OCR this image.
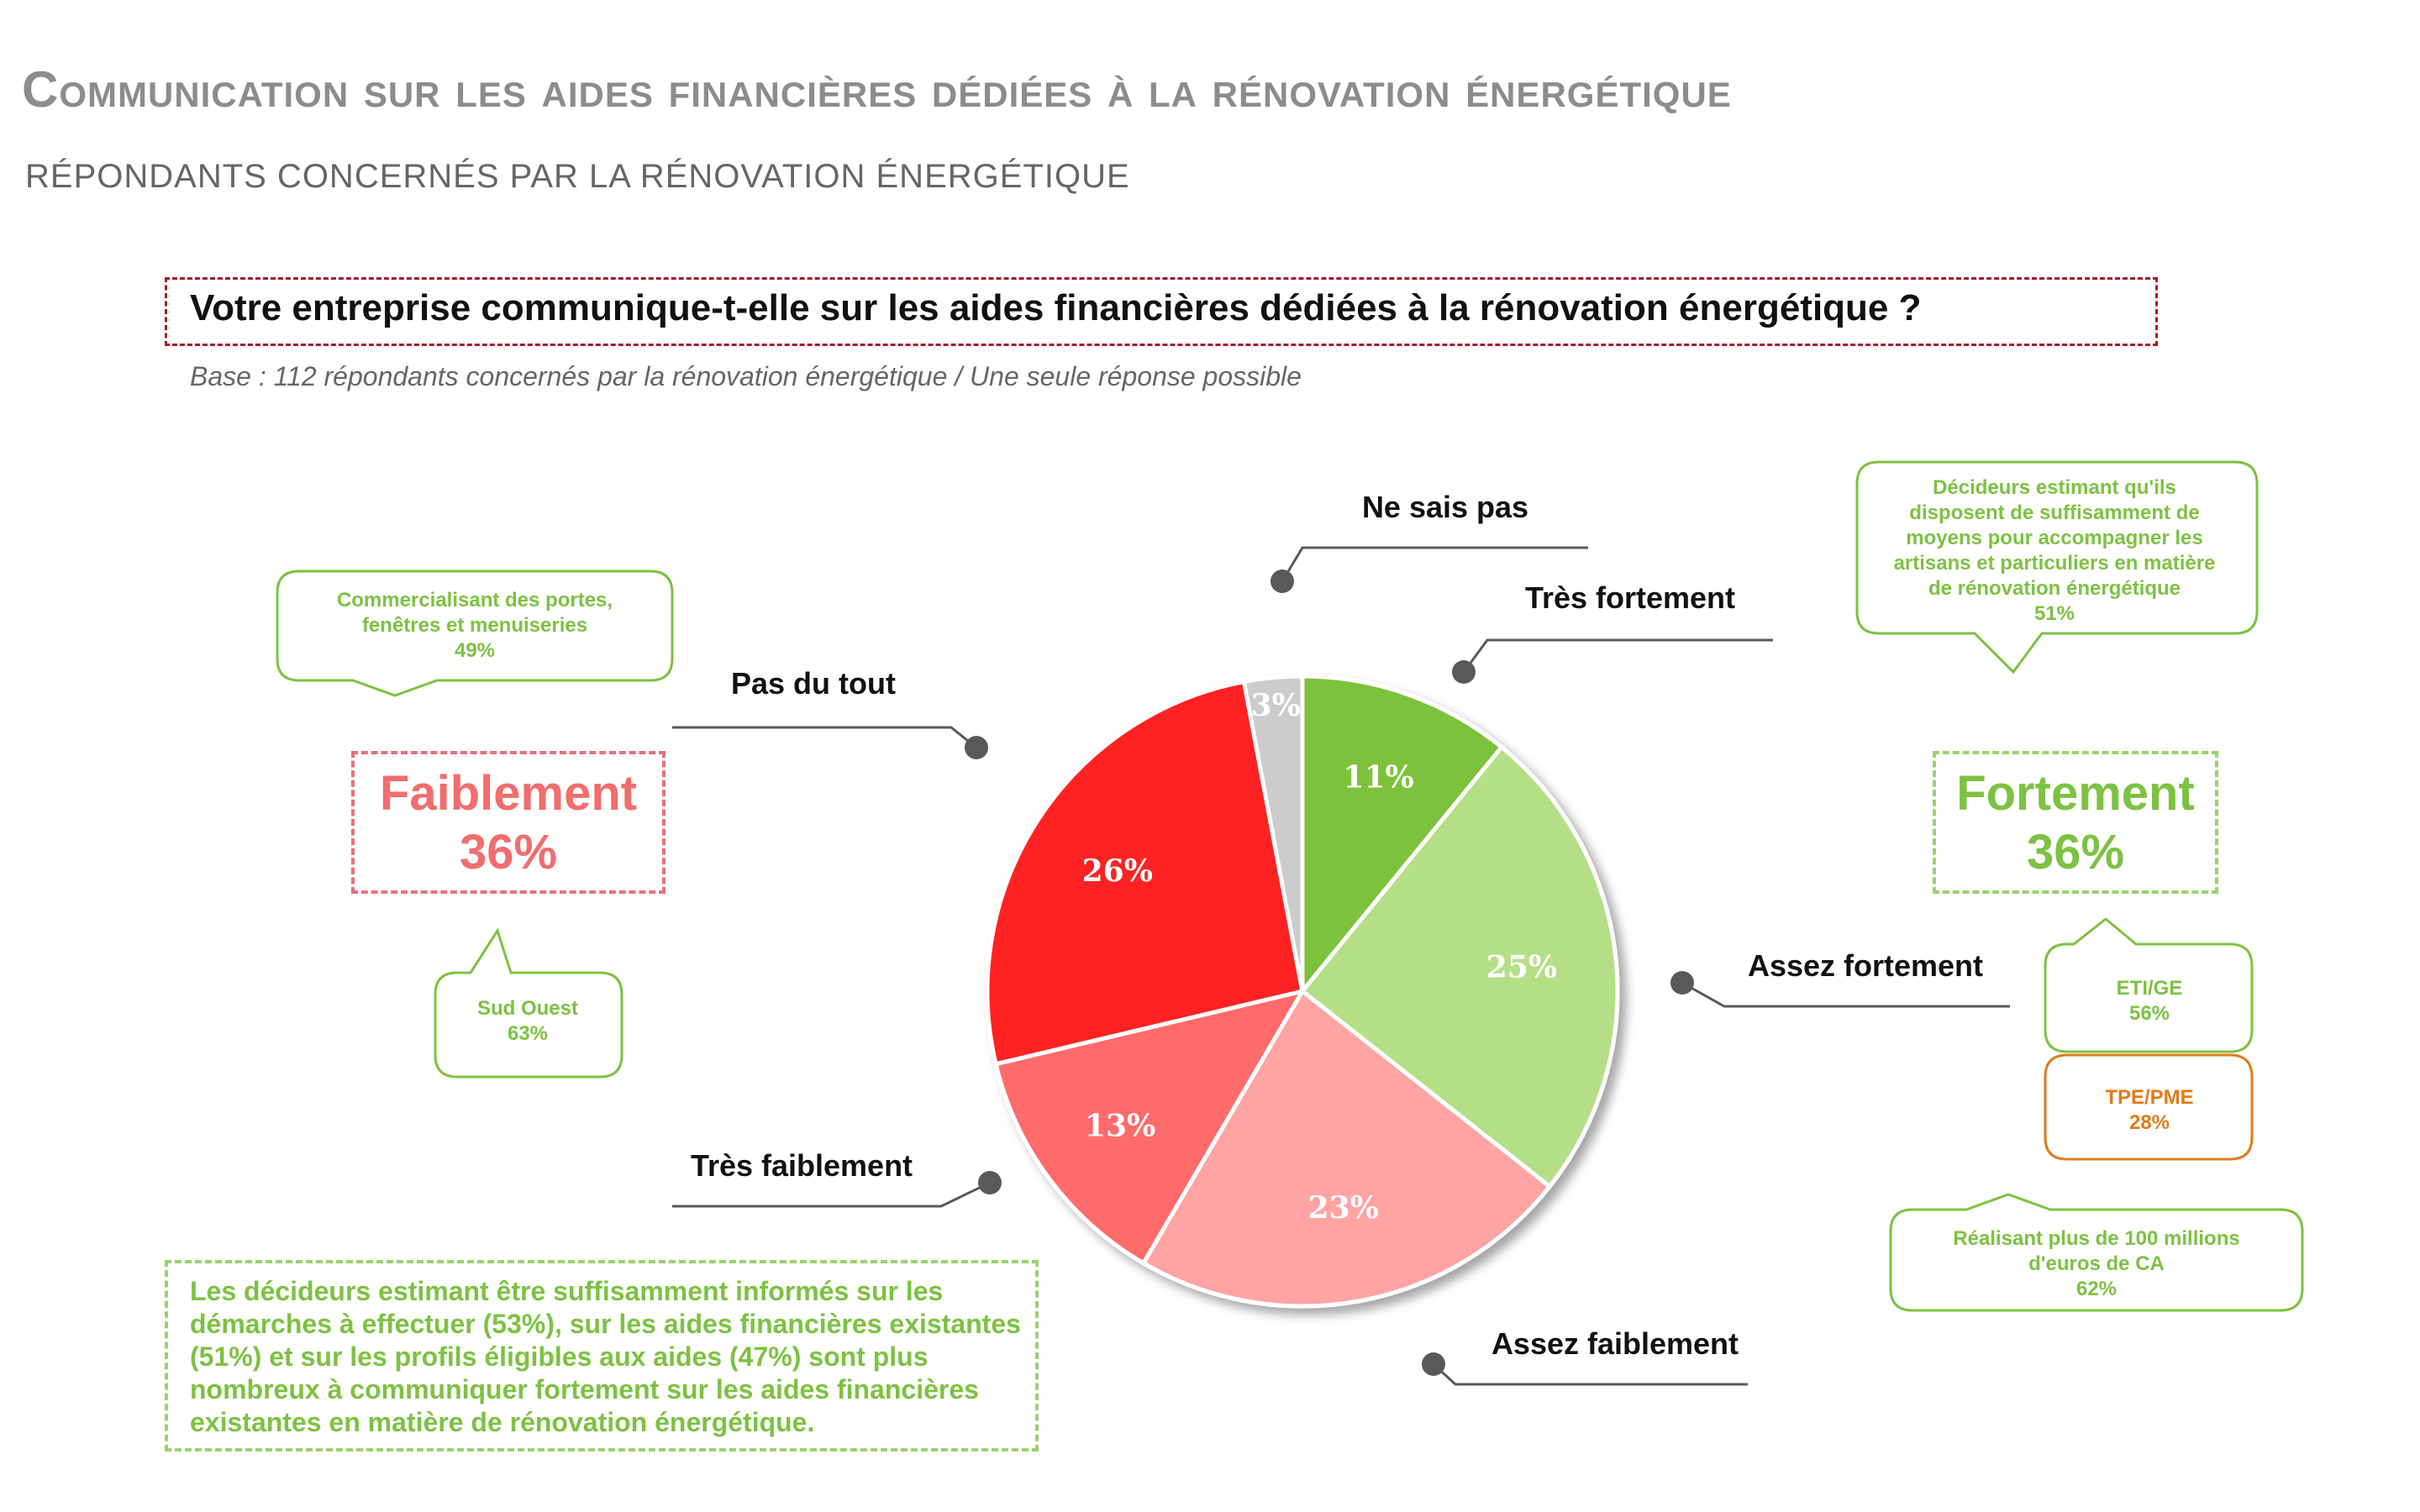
Communication sur les aides financières dédiées à la rénovation énergétique
RÉPONDANTS CONCERNÉS PAR LA RÉNOVATION ÉNERGÉTIQUE
Votre entreprise communique-t-elle sur les aides financières dédiées à la rénovation énergétique ?
Base : 112 répondants concernés par la rénovation énergétique / Une seule réponse possible
11%
25%
23%
13%
26%
3%
Très fortement
Assez fortement
Assez faiblement
Très faiblement
Pas du tout
Ne sais pas
Commercialisant des portes,
fenêtres et menuiseries
49%
Sud Ouest
63%
Décideurs estimant qu'ils
disposent de suffisamment de
moyens pour accompagner les
artisans et particuliers en matière
de rénovation énergétique
51%
ETI/GE
56%
TPE/PME
28%
Réalisant plus de 100 millions
d'euros de CA
62%
Faiblement
36%
Fortement
36%
Les décideurs estimant être suffisamment informés sur les démarches à effectuer (53%), sur les aides financières existantes (51%) et sur les profils éligibles aux aides (47%) sont plus nombreux à communiquer fortement sur les aides financières existantes en matière de rénovation énergétique.
